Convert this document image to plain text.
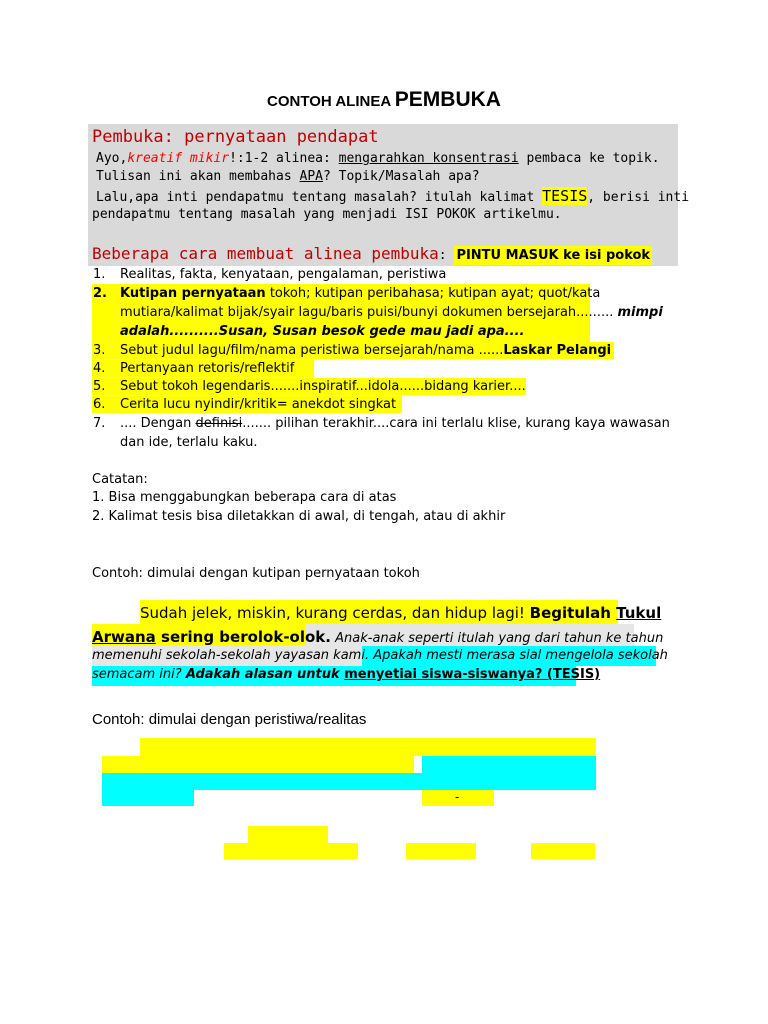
CONTOH ALINEA PEMBUKA
Pembuka: pernyataan pendapat
Ayo,kreatif mikir!:1-2 alinea: mengarahkan konsentrasi pembaca ke topik.
Tulisan ini akan membahas APA? Topik/Masalah apa?
Lalu,apa inti pendapatmu tentang masalah? itulah kalimat TESIS, berisi inti
pendapatmu tentang masalah yang menjadi ISI POKOK artikelmu.
Beberapa cara membuat alinea pembuka: PINTU MASUK ke isi pokok
1. Realitas, fakta, kenyataan, pengalaman, peristiwa
2. Kutipan pernyataan tokoh; kutipan peribahasa; kutipan ayat; quot/kata
mutiara/kalimat bijak/syair lagu/baris puisi/bunyi dokumen bersejarah......... mimpi
adalah..........Susan, Susan besok gede mau jadi apa....
3. Sebut judul lagu/film/nama peristiwa bersejarah/nama ......Laskar Pelangi
4. Pertanyaan retoris/reflektif
5. Sebut tokoh legendaris.......inspiratif...idola......bidang karier....
6. Cerita lucu nyindir/kritik= anekdot singkat
7. .... Dengan definisi....... pilihan terakhir....cara ini terlalu klise, kurang kaya wawasan
dan ide, terlalu kaku.
Catatan:
1. Bisa menggabungkan beberapa cara di atas
2. Kalimat tesis bisa diletakkan di awal, di tengah, atau di akhir
Contoh: dimulai dengan kutipan pernyataan tokoh
Sudah jelek, miskin, kurang cerdas, dan hidup lagi! Begitulah Tukul
Arwana sering berolok-olok. Anak-anak seperti itulah yang dari tahun ke tahun
memenuhi sekolah-sekolah yayasan kami. Apakah mesti merasa sial mengelola sekolah
semacam ini? Adakah alasan untuk menyetiai siswa-siswanya? (TESIS)
Contoh: dimulai dengan peristiwa/realitas
-
